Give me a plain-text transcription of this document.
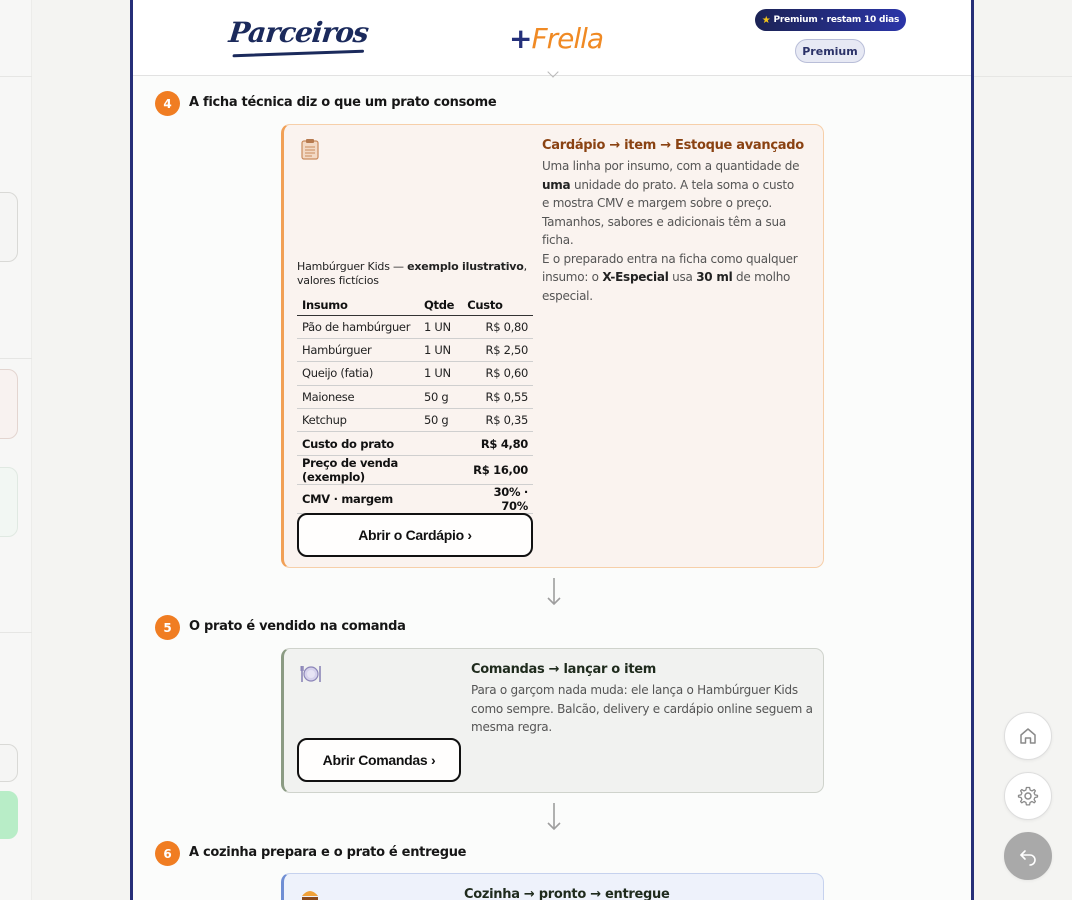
Parceiros	+Frella
★ Premium · restam 10 dias
Premium
4	A ficha técnica diz o que um prato consome
Cardápio → item → Estoque avançado
Uma linha por insumo, com a quantidade de uma unidade do prato. A tela soma o custo e mostra CMV e margem sobre o preço. Tamanhos, sabores e adicionais têm a sua ficha.
E o preparado entra na ficha como qualquer insumo: o X-Especial usa 30 ml de molho especial.
Hambúrguer Kids — exemplo ilustrativo, valores fictícios
Insumo	Qtde	Custo
Pão de hambúrguer	1 UN	R$ 0,80
Hambúrguer	1 UN	R$ 2,50
Queijo (fatia)	1 UN	R$ 0,60
Maionese	50 g	R$ 0,55
Ketchup	50 g	R$ 0,35
Custo do prato		R$ 4,80
Preço de venda (exemplo)		R$ 16,00
CMV · margem		30% · 70%
Abrir o Cardápio ›
5	O prato é vendido na comanda
Comandas → lançar o item
Para o garçom nada muda: ele lança o Hambúrguer Kids como sempre. Balcão, delivery e cardápio online seguem a mesma regra.
Abrir Comandas ›
6	A cozinha prepara e o prato é entregue
Cozinha → pronto → entregue
